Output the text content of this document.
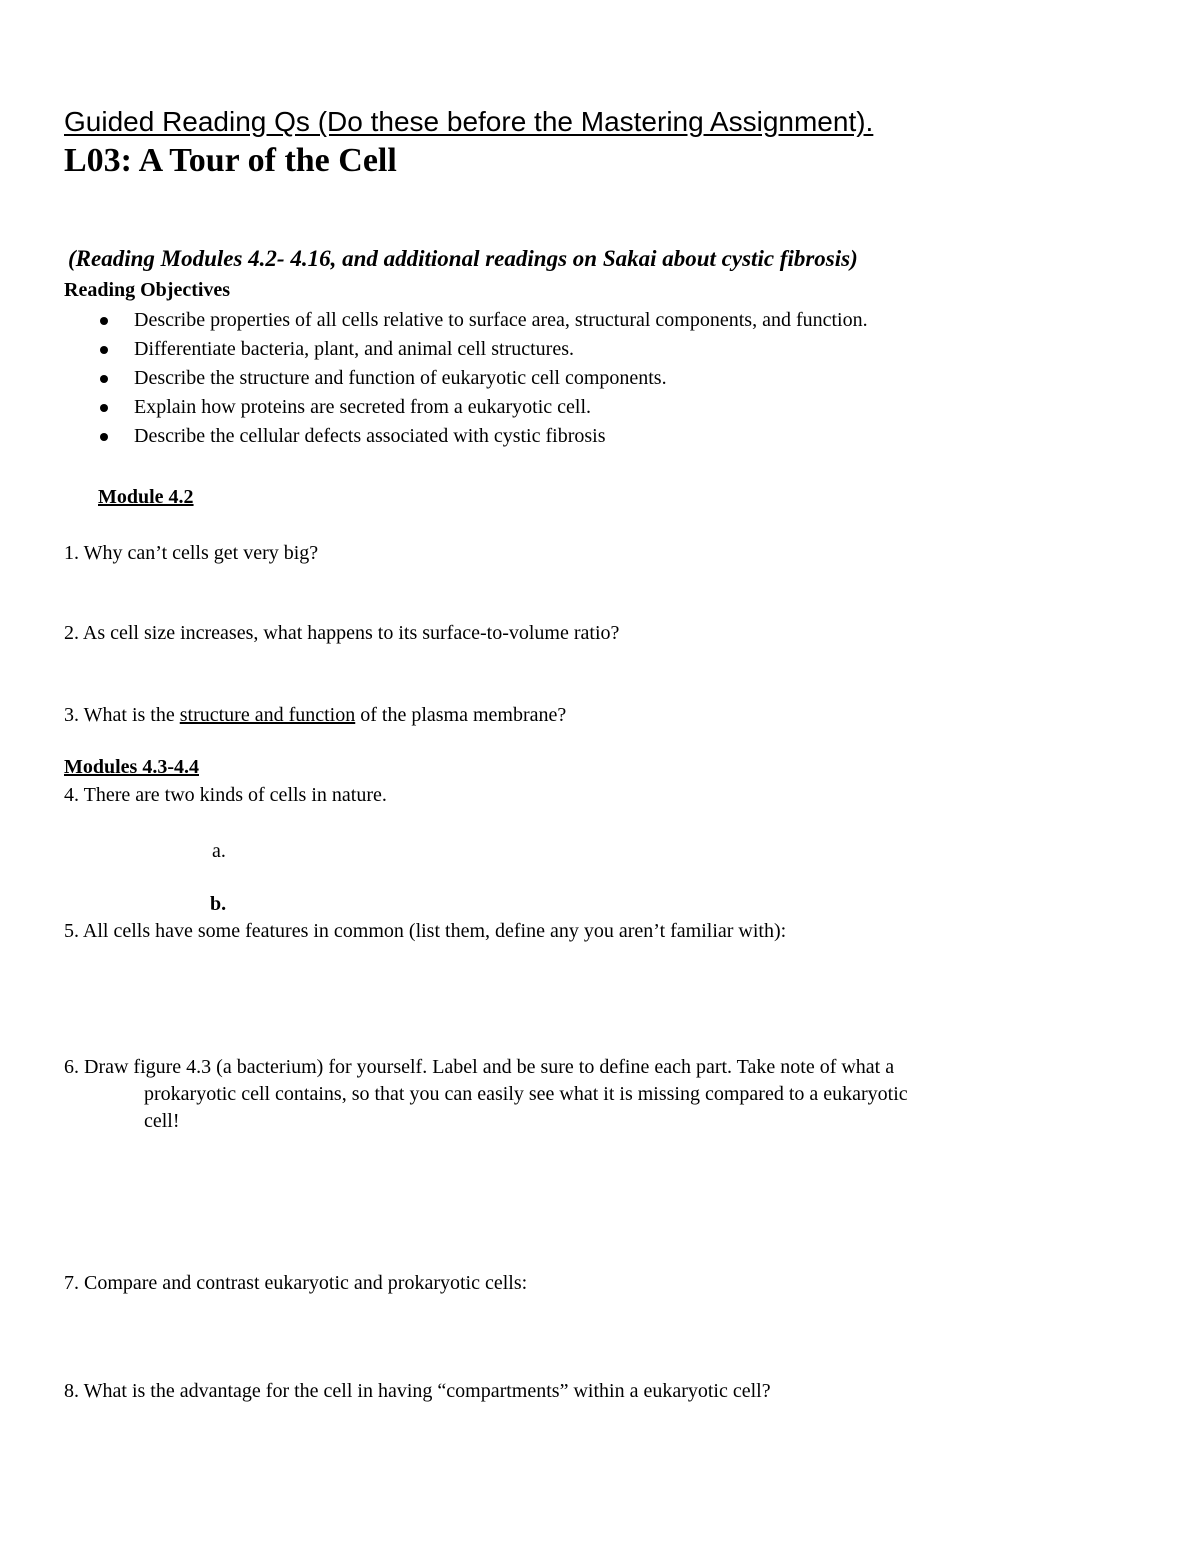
Guided Reading Qs (Do these before the Mastering Assignment).
L03: A Tour of the Cell
(Reading Modules 4.2- 4.16, and additional readings on Sakai about cystic fibrosis)
Reading Objectives
Describe properties of all cells relative to surface area, structural components, and function.
Differentiate bacteria, plant, and animal cell structures.
Describe the structure and function of eukaryotic cell components.
Explain how proteins are secreted from a eukaryotic cell.
Describe the cellular defects associated with cystic fibrosis
Module 4.2
1. Why can’t cells get very big?
2. As cell size increases, what happens to its surface-to-volume ratio?
3. What is the structure and function of the plasma membrane?
Modules 4.3-4.4
4. There are two kinds of cells in nature.
a.
b.
5. All cells have some features in common (list them, define any you aren’t familiar with):
6. Draw figure 4.3 (a bacterium) for yourself. Label and be sure to define each part. Take note of what a
prokaryotic cell contains, so that you can easily see what it is missing compared to a eukaryotic
cell!
7. Compare and contrast eukaryotic and prokaryotic cells:
8. What is the advantage for the cell in having “compartments” within a eukaryotic cell?
